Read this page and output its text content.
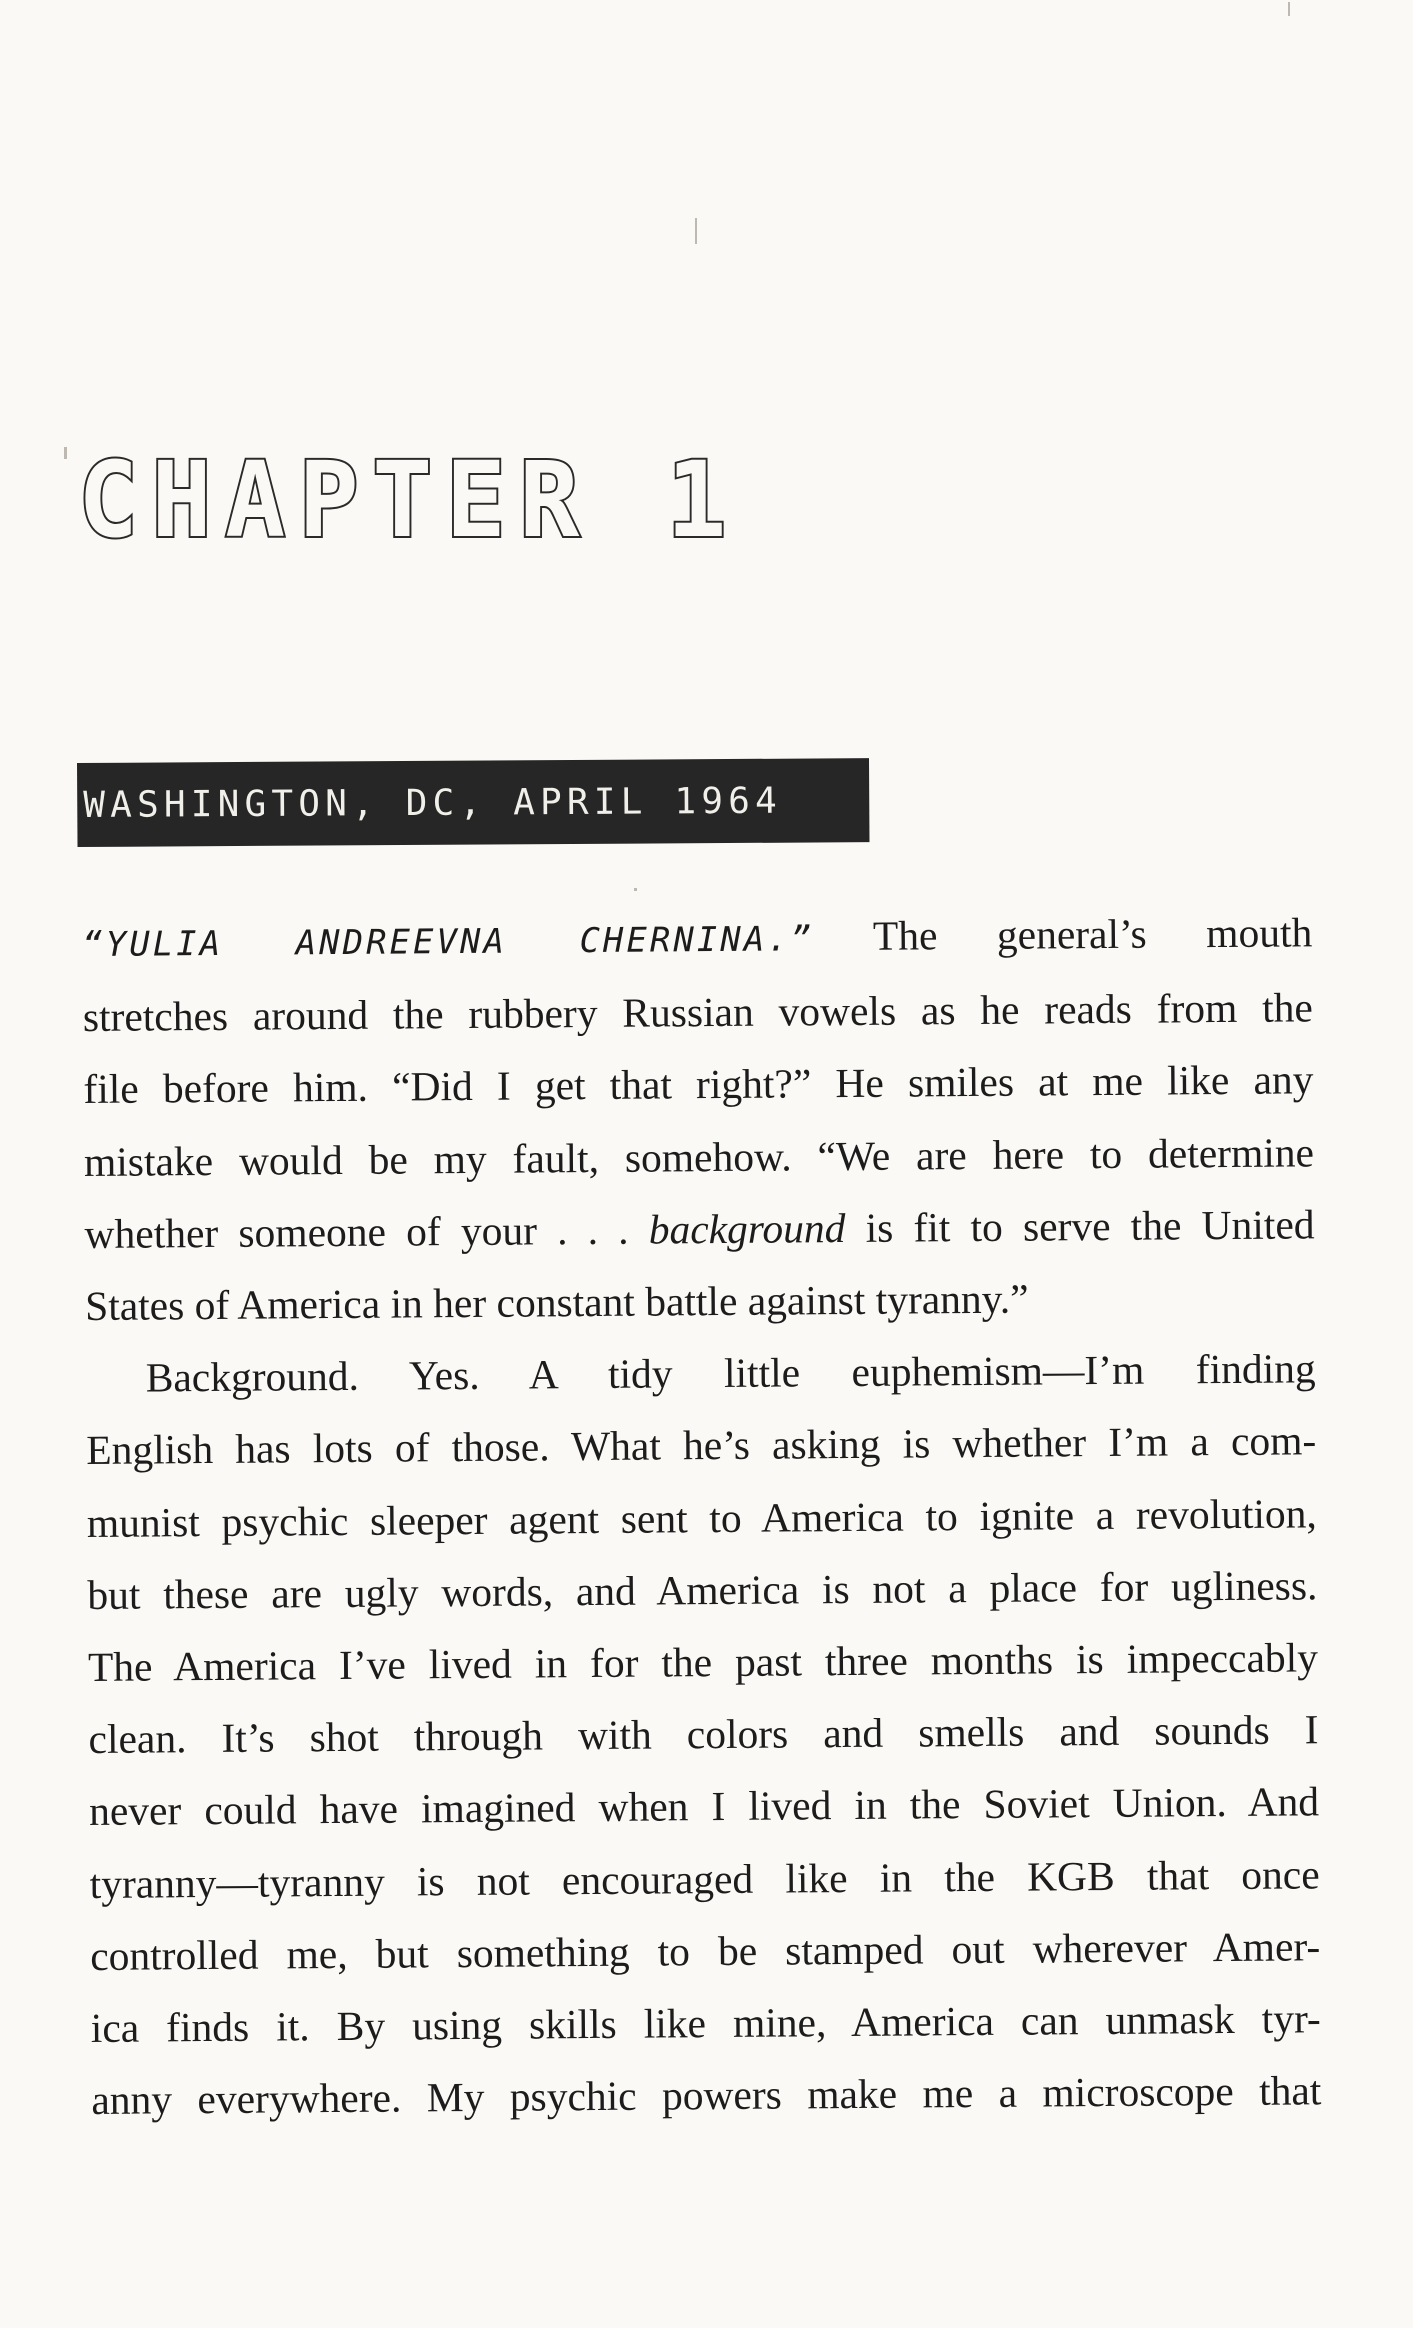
CHAPTER 1
WASHINGTON, DC, APRIL 1964
“YULIA ANDREEVNA CHERNINA.” The general’s mouth
stretches around the rubbery Russian vowels as he reads from the
file before him. “Did I get that right?” He smiles at me like any
mistake would be my fault, somehow. “We are here to determine
whether someone of your . . . background is fit to serve the United
States of America in her constant battle against tyranny.”
Background. Yes. A tidy little euphemism—I’m finding
English has lots of those. What he’s asking is whether I’m a com-
munist psychic sleeper agent sent to America to ignite a revolution,
but these are ugly words, and America is not a place for ugliness.
The America I’ve lived in for the past three months is impeccably
clean. It’s shot through with colors and smells and sounds I
never could have imagined when I lived in the Soviet Union. And
tyranny—tyranny is not encouraged like in the KGB that once
controlled me, but something to be stamped out wherever Amer-
ica finds it. By using skills like mine, America can unmask tyr-
anny everywhere. My psychic powers make me a microscope that
